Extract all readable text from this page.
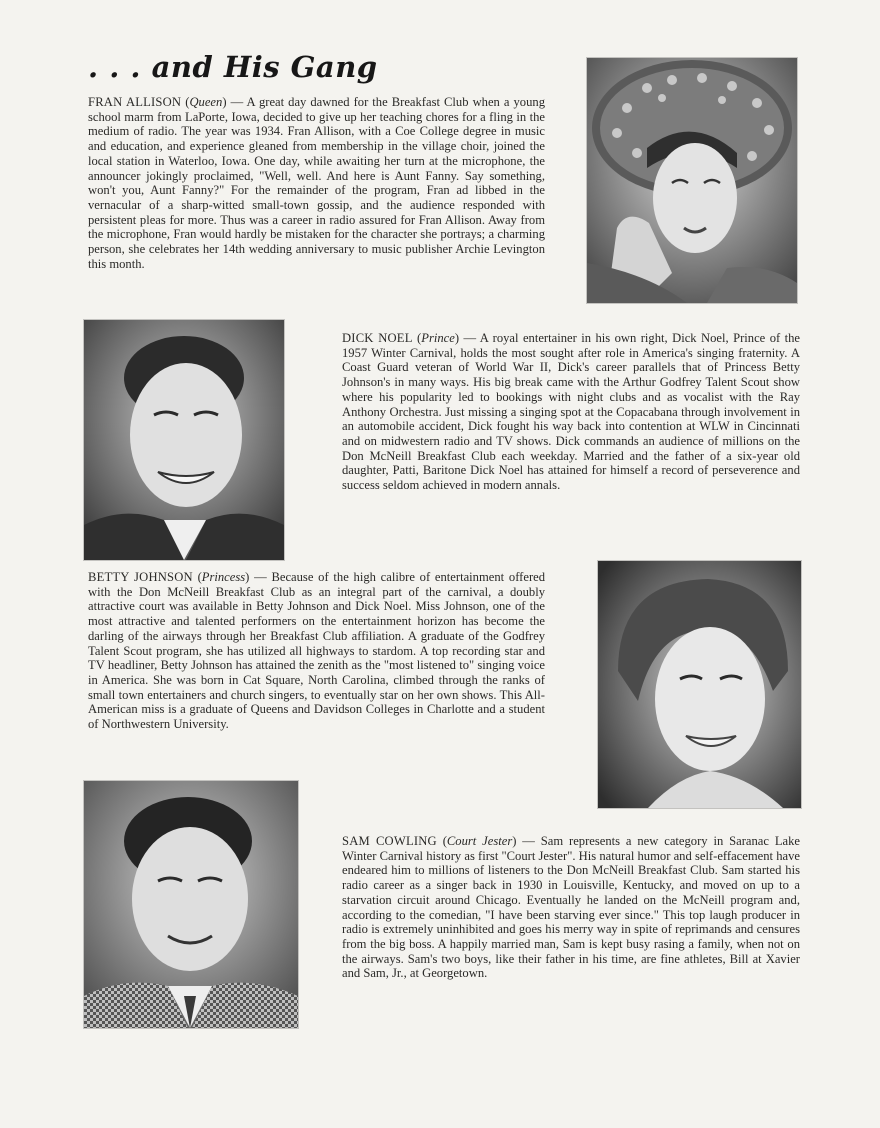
. . . and His Gang
FRAN ALLISON (Queen) — A great day dawned for the Breakfast Club when a young school marm from LaPorte, Iowa, decided to give up her teaching chores for a fling in the medium of radio. The year was 1934. Fran Allison, with a Coe College degree in music and education, and experience gleaned from membership in the village choir, joined the local station in Waterloo, Iowa. One day, while awaiting her turn at the microphone, the announcer jokingly proclaimed, "Well, well. And here is Aunt Fanny. Say something, won't you, Aunt Fanny?" For the remainder of the program, Fran ad libbed in the vernacular of a sharp-witted small-town gossip, and the audience responded with persistent pleas for more. Thus was a career in radio assured for Fran Allison. Away from the microphone, Fran would hardly be mistaken for the character she portrays; a charming person, she celebrates her 14th wedding anniversary to music publisher Archie Levington this month.
DICK NOEL (Prince) — A royal entertainer in his own right, Dick Noel, Prince of the 1957 Winter Carnival, holds the most sought after role in America's singing fraternity. A Coast Guard veteran of World War II, Dick's career parallels that of Princess Betty Johnson's in many ways. His big break came with the Arthur Godfrey Talent Scout show where his popularity led to bookings with night clubs and as vocalist with the Ray Anthony Orchestra. Just missing a singing spot at the Copacabana through involvement in an automobile accident, Dick fought his way back into contention at WLW in Cincinnati and on midwestern radio and TV shows. Dick commands an audience of millions on the Don McNeill Breakfast Club each weekday. Married and the father of a six-year old daughter, Patti, Baritone Dick Noel has attained for himself a record of perseverence and success seldom achieved in modern annals.
BETTY JOHNSON (Princess) — Because of the high calibre of entertainment offered with the Don McNeill Breakfast Club as an integral part of the carnival, a doubly attractive court was available in Betty Johnson and Dick Noel. Miss Johnson, one of the most attractive and talented performers on the entertainment horizon has become the darling of the airways through her Breakfast Club affiliation. A graduate of the Godfrey Talent Scout program, she has utilized all highways to stardom. A top recording star and TV headliner, Betty Johnson has attained the zenith as the "most listened to" singing voice in America. She was born in Cat Square, North Carolina, climbed through the ranks of small town entertainers and church singers, to eventually star on her own shows. This All-American miss is a graduate of Queens and Davidson Colleges in Charlotte and a student of Northwestern University.
SAM COWLING (Court Jester) — Sam represents a new category in Saranac Lake Winter Carnival history as first "Court Jester". His natural humor and self-effacement have endeared him to millions of listeners to the Don McNeill Breakfast Club. Sam started his radio career as a singer back in 1930 in Louisville, Kentucky, and moved on up to a starvation circuit around Chicago. Eventually he landed on the McNeill program and, according to the comedian, "I have been starving ever since." This top laugh producer in radio is extremely uninhibited and goes his merry way in spite of reprimands and censures from the big boss. A happily married man, Sam is kept busy rasing a family, when not on the airways. Sam's two boys, like their father in his time, are fine athletes, Bill at Xavier and Sam, Jr., at Georgetown.
